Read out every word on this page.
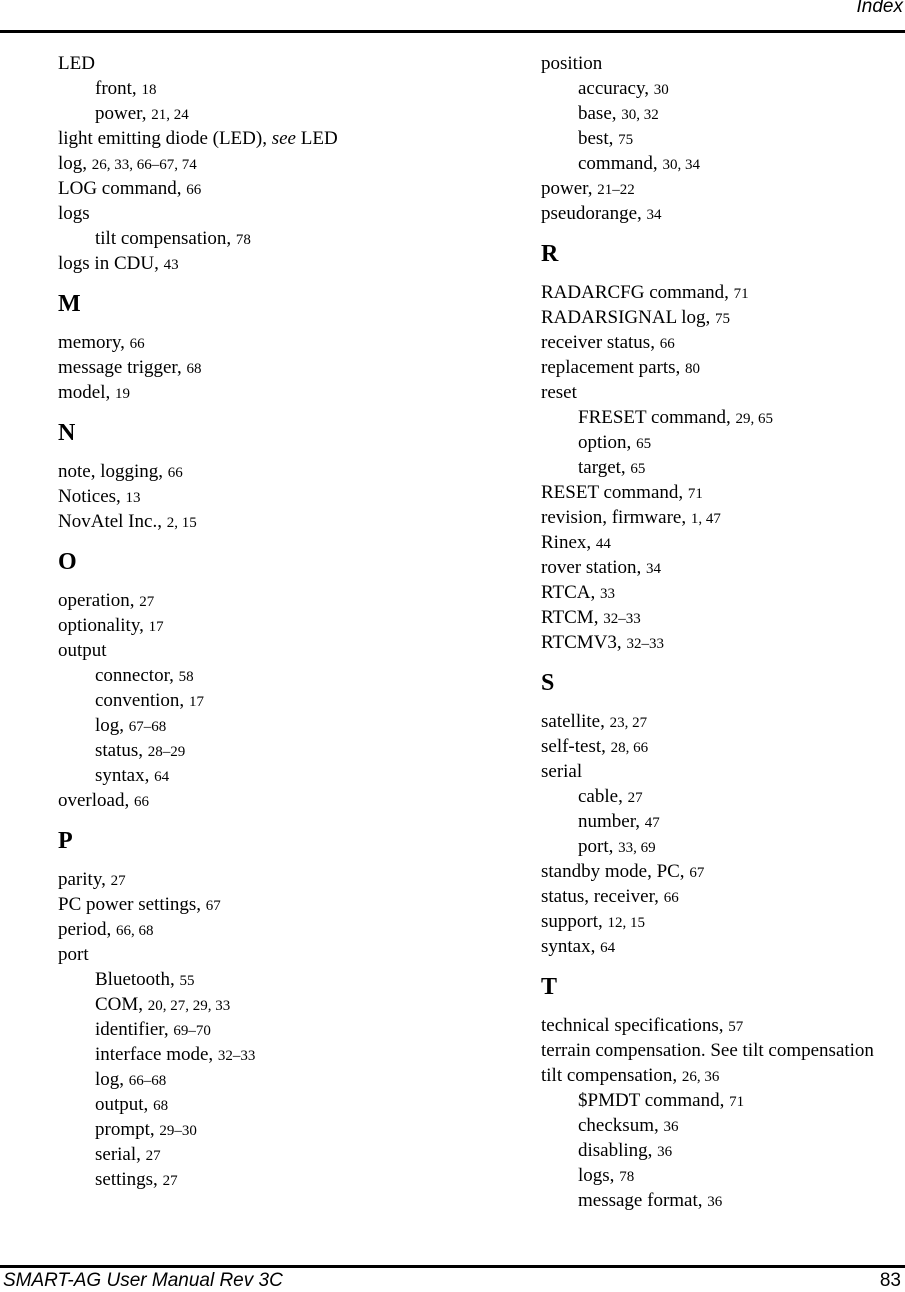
Index
LED
front, 18
power, 21, 24
light emitting diode (LED), see LED
log, 26, 33, 66–67, 74
LOG command, 66
logs
tilt compensation, 78
logs in CDU, 43
M
memory, 66
message trigger, 68
model, 19
N
note, logging, 66
Notices, 13
NovAtel Inc., 2, 15
O
operation, 27
optionality, 17
output
connector, 58
convention, 17
log, 67–68
status, 28–29
syntax, 64
overload, 66
P
parity, 27
PC power settings, 67
period, 66, 68
port
Bluetooth, 55
COM, 20, 27, 29, 33
identifier, 69–70
interface mode, 32–33
log, 66–68
output, 68
prompt, 29–30
serial, 27
settings, 27
position
accuracy, 30
base, 30, 32
best, 75
command, 30, 34
power, 21–22
pseudorange, 34
R
RADARCFG command, 71
RADARSIGNAL log, 75
receiver status, 66
replacement parts, 80
reset
FRESET command, 29, 65
option, 65
target, 65
RESET command, 71
revision, firmware, 1, 47
Rinex, 44
rover station, 34
RTCA, 33
RTCM, 32–33
RTCMV3, 32–33
S
satellite, 23, 27
self-test, 28, 66
serial
cable, 27
number, 47
port, 33, 69
standby mode, PC, 67
status, receiver, 66
support, 12, 15
syntax, 64
T
technical specifications, 57
terrain compensation. See tilt compensation
tilt compensation, 26, 36
$PMDT command, 71
checksum, 36
disabling, 36
logs, 78
message format, 36
SMART-AG User Manual Rev 3C	83
